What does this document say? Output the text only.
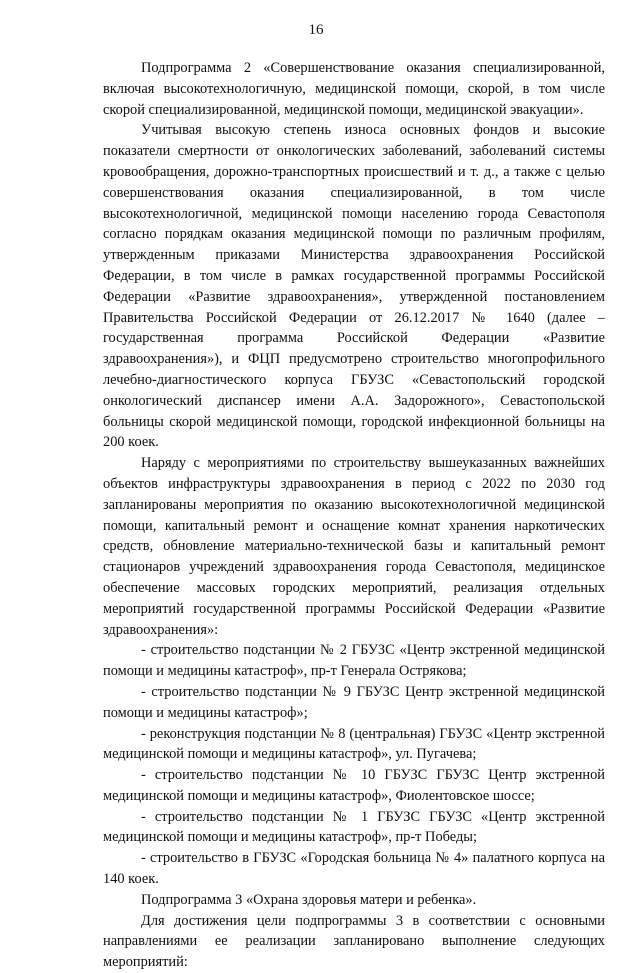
16

Подпрограмма 2 «Совершенствование оказания специализированной, включая высокотехнологичную, медицинской помощи, скорой, в том числе скорой специализированной, медицинской помощи, медицинской эвакуации».

Учитывая высокую степень износа основных фондов и высокие показатели смертности от онкологических заболеваний, заболеваний системы кровообращения, дорожно-транспортных происшествий и т. д., а также с целью совершенствования оказания специализированной, в том числе высокотехнологичной, медицинской помощи населению города Севастополя согласно порядкам оказания медицинской помощи по различным профилям, утвержденным приказами Министерства здравоохранения Российской Федерации, в том числе в рамках государственной программы Российской Федерации «Развитие здравоохранения», утвержденной постановлением Правительства Российской Федерации от 26.12.2017 № 1640 (далее – государственная программа Российской Федерации «Развитие здравоохранения»), и ФЦП предусмотрено строительство многопрофильного лечебно-диагностического корпуса ГБУЗС «Севастопольский городской онкологический диспансер имени А.А. Задорожного», Севастопольской больницы скорой медицинской помощи, городской инфекционной больницы на 200 коек.

Наряду с мероприятиями по строительству вышеуказанных важнейших объектов инфраструктуры здравоохранения в период с 2022 по 2030 год запланированы мероприятия по оказанию высокотехнологичной медицинской помощи, капитальный ремонт и оснащение комнат хранения наркотических средств, обновление материально-технической базы и капитальный ремонт стационаров учреждений здравоохранения города Севастополя, медицинское обеспечение массовых городских мероприятий, реализация отдельных мероприятий государственной программы Российской Федерации «Развитие здравоохранения»:

- строительство подстанции № 2 ГБУЗС «Центр экстренной медицинской помощи и медицины катастроф», пр-т Генерала Острякова;

- строительство подстанции № 9 ГБУЗС Центр экстренной медицинской помощи и медицины катастроф»;

- реконструкция подстанции № 8 (центральная) ГБУЗС «Центр экстренной медицинской помощи и медицины катастроф», ул. Пугачева;

- строительство подстанции № 10 ГБУЗС ГБУЗС Центр экстренной медицинской помощи и медицины катастроф», Фиолентовское шоссе;

- строительство подстанции № 1 ГБУЗС ГБУЗС «Центр экстренной медицинской помощи и медицины катастроф», пр-т Победы;

- строительство в ГБУЗС «Городская больница № 4» палатного корпуса на 140 коек.

Подпрограмма 3 «Охрана здоровья матери и ребенка».

Для достижения цели подпрограммы 3 в соответствии с основными направлениями ее реализации запланировано выполнение следующих мероприятий:
